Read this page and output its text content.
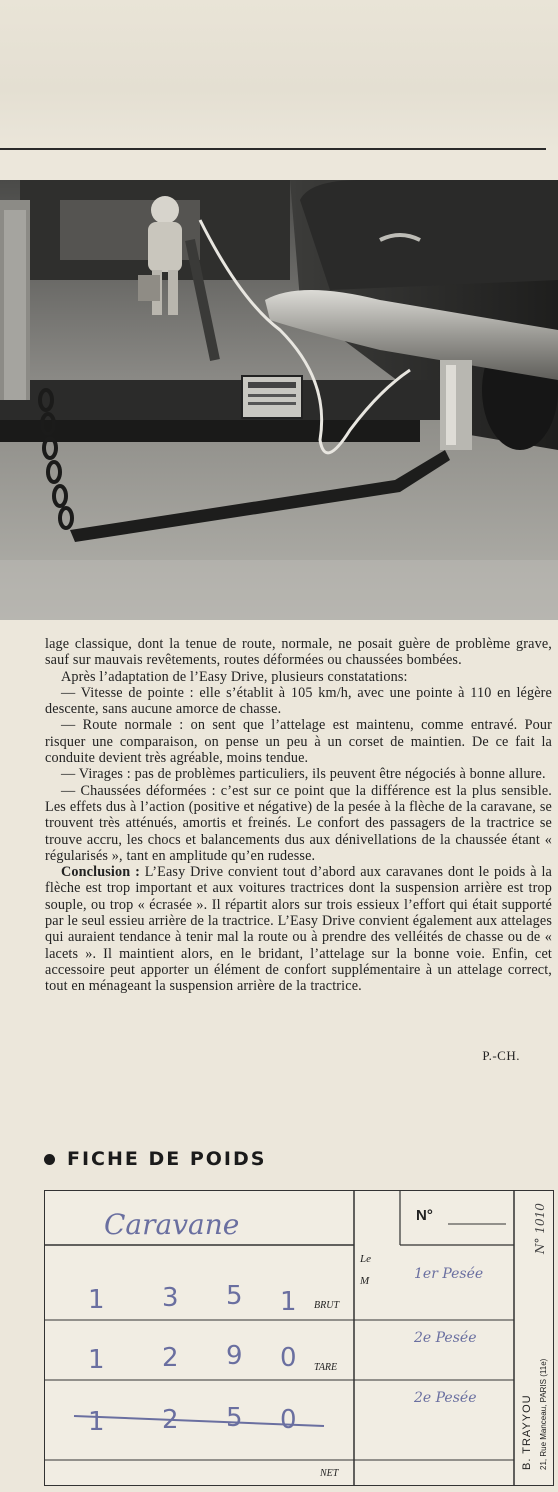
lage classique, dont la tenue de route, normale, ne posait guère de problème grave, sauf sur mauvais revêtements, routes déformées ou chaussées bombées.

Après l’adaptation de l’Easy Drive, plusieurs constatations:

— Vitesse de pointe : elle s’établit à 105 km/h, avec une pointe à 110 en légère descente, sans aucune amorce de chasse.

— Route normale : on sent que l’attelage est maintenu, comme entravé. Pour risquer une comparaison, on pense un peu à un corset de maintien. De ce fait la conduite devient très agréable, moins tendue.

— Virages : pas de problèmes particuliers, ils peuvent être négociés à bonne allure.

— Chaussées déformées : c’est sur ce point que la différence est la plus sensible. Les effets dus à l’action (positive et négative) de la pesée à la flèche de la caravane, se trouvent très atténués, amortis et freinés. Le confort des passagers de la tractrice se trouve accru, les chocs et balancements dus aux dénivellations de la chaussée étant « régularisés », tant en amplitude qu’en rudesse.

Conclusion : L’Easy Drive convient tout d’abord aux caravanes dont le poids à la flèche est trop important et aux voitures tractrices dont la suspension arrière est trop souple, ou trop « écrasée ». Il répartit alors sur trois essieux l’effort qui était supporté par le seul essieu arrière de la tractrice. L’Easy Drive convient également aux attelages qui auraient tendance à tenir mal la route ou à prendre des velléités de chasse ou de « lacets ». Il maintient alors, en le bridant, l’attelage sur la bonne voie. Enfin, cet accessoire peut apporter un élément de confort supplémentaire à un attelage correct, tout en ménageant la suspension arrière de la tractrice.

P.-CH.
FICHE DE POIDS
Caravane	N°
Le
M
1 3 5 1 BRUT
1er Pesée
1 2 9 0 TARE
2e Pesée
1	5 0
NET
2e Pesée
N° 1010
B. TRAYYOU 21, Rue Manceau, PARIS (11e)
